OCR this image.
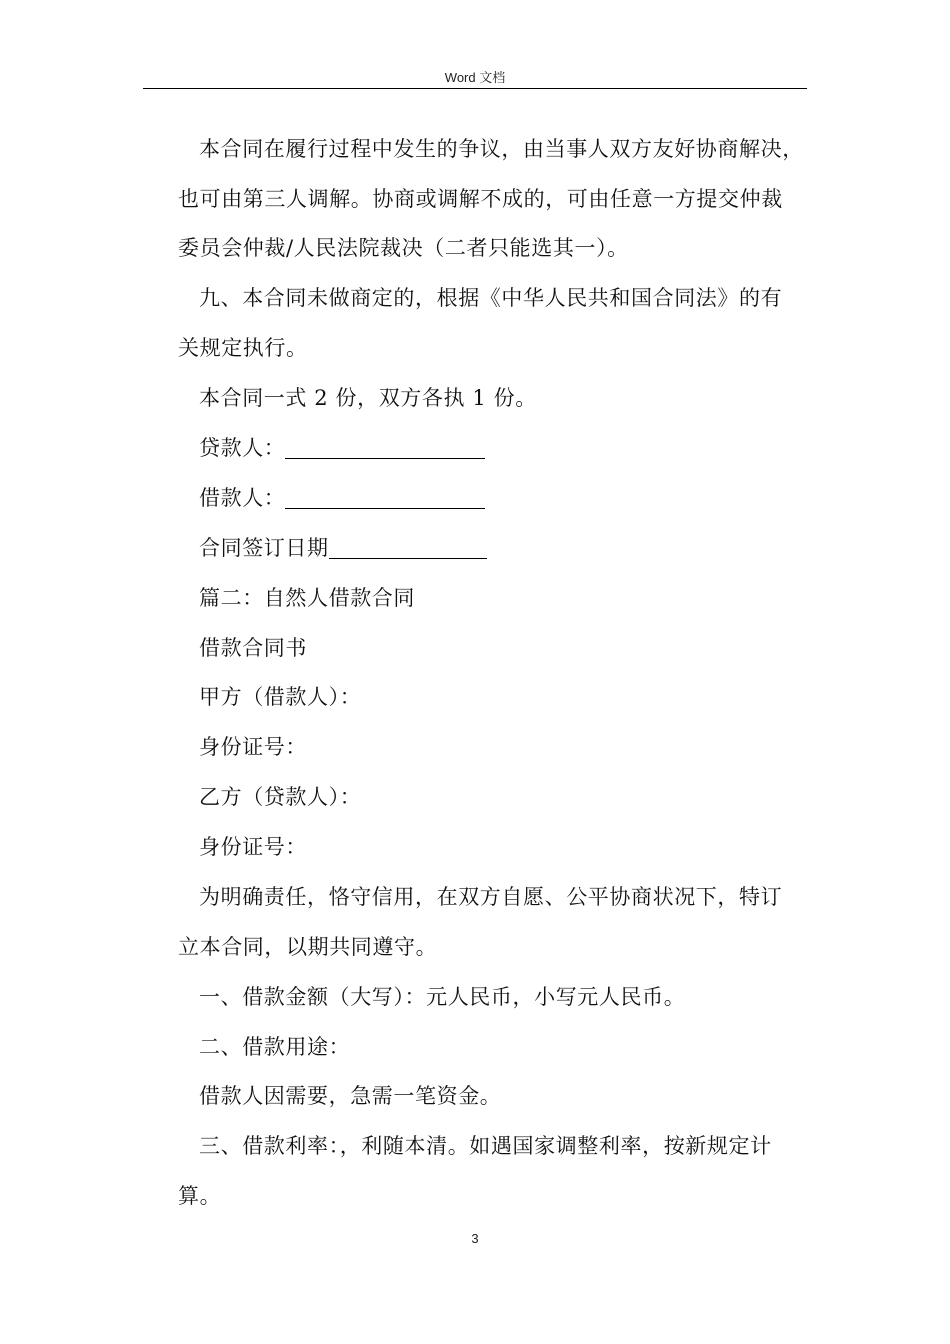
Word 文档
本合同在履行过程中发生的争议，由当事人双方友好协商解决，
也可由第三人调解。协商或调解不成的，可由任意一方提交仲裁
委员会仲裁/人民法院裁决（二者只能选其一）。
九、本合同未做商定的，根据《中华人民共和国合同法》的有
关规定执行。
本合同一式 2 份，双方各执 1 份。
贷款人：
借款人：
合同签订日期
篇二：自然人借款合同
借款合同书
甲方（借款人）：
身份证号：
乙方（贷款人）：
身份证号：
为明确责任，恪守信用，在双方自愿、公平协商状况下，特订
立本合同，以期共同遵守。
一、借款金额（大写）：元人民币，小写元人民币。
二、借款用途：
借款人因需要，急需一笔资金。
三、借款利率：，利随本清。如遇国家调整利率，按新规定计
算。
3
